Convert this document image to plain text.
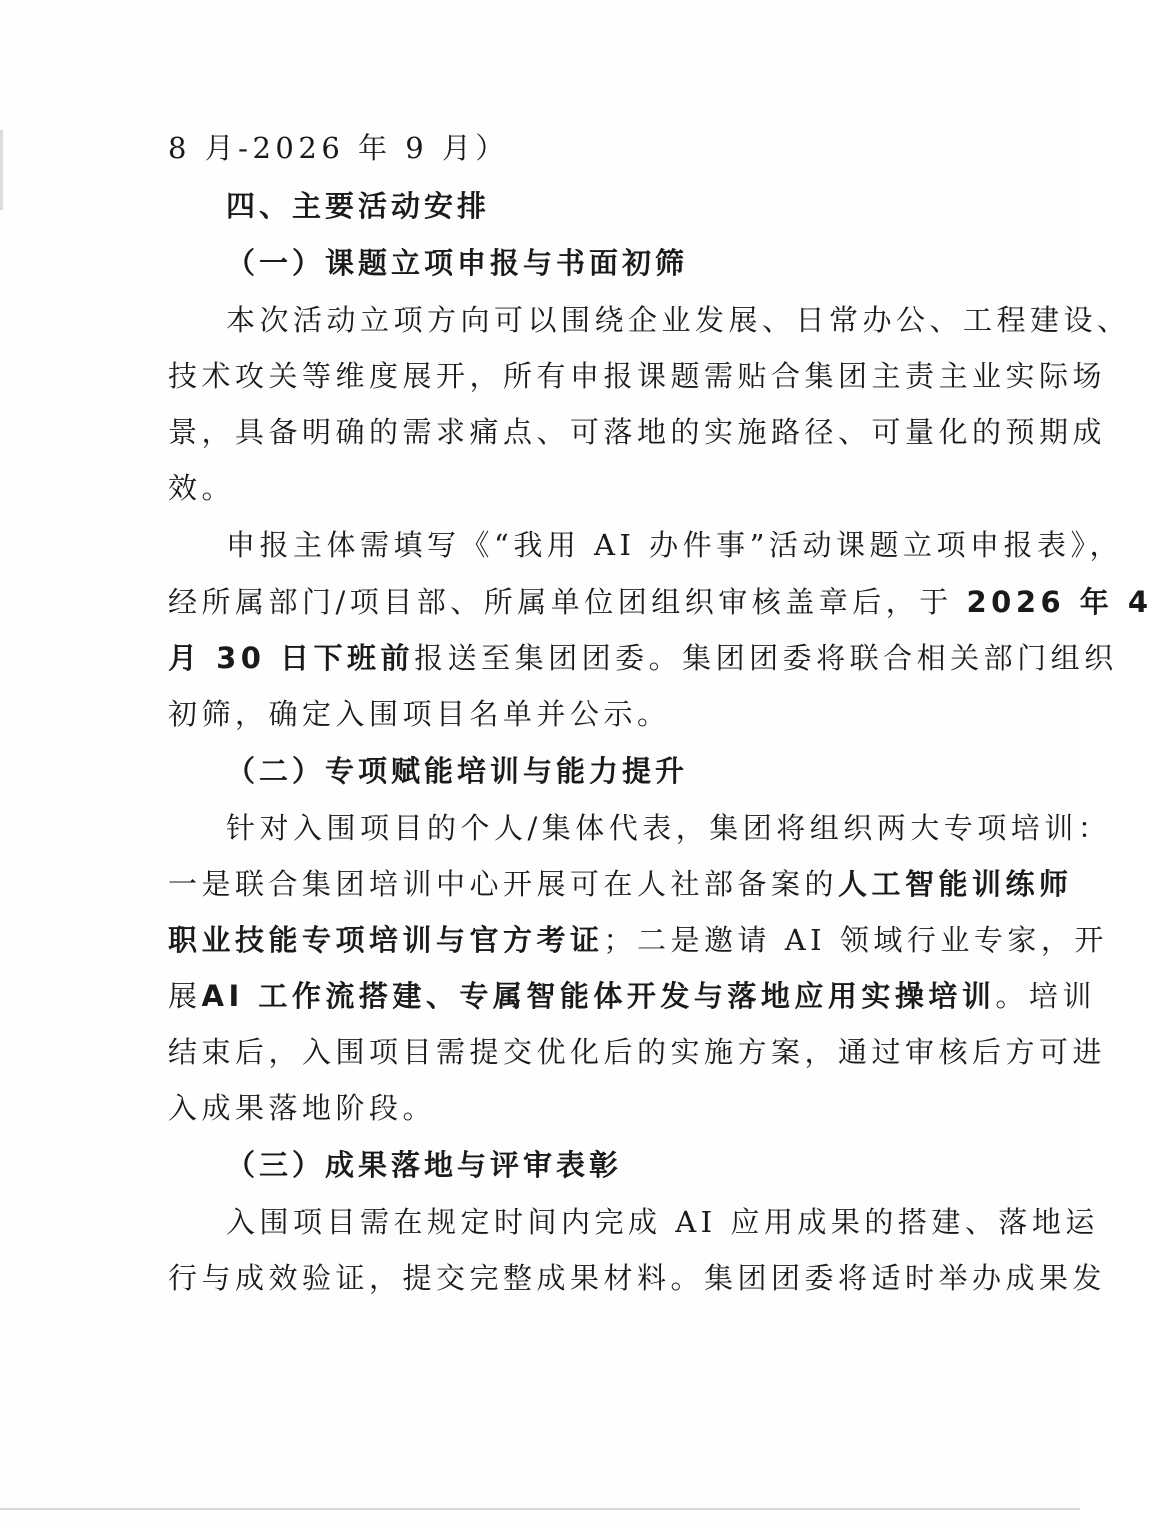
8 月-2026 年 9 月）
四、主要活动安排
（一）课题立项申报与书面初筛
本次活动立项方向可以围绕企业发展、日常办公、工程建设、
技术攻关等维度展开，所有申报课题需贴合集团主责主业实际场
景，具备明确的需求痛点、可落地的实施路径、可量化的预期成
效。
申报主体需填写《“我用 AI 办件事”活动课题立项申报表》，
经所属部门/项目部、所属单位团组织审核盖章后，于 2026 年 4
月 30 日下班前报送至集团团委。集团团委将联合相关部门组织
初筛，确定入围项目名单并公示。
（二）专项赋能培训与能力提升
针对入围项目的个人/集体代表，集团将组织两大专项培训：
一是联合集团培训中心开展可在人社部备案的人工智能训练师
职业技能专项培训与官方考证；二是邀请 AI 领域行业专家，开
展AI 工作流搭建、专属智能体开发与落地应用实操培训。培训
结束后，入围项目需提交优化后的实施方案，通过审核后方可进
入成果落地阶段。
（三）成果落地与评审表彰
入围项目需在规定时间内完成 AI 应用成果的搭建、落地运
行与成效验证，提交完整成果材料。集团团委将适时举办成果发
